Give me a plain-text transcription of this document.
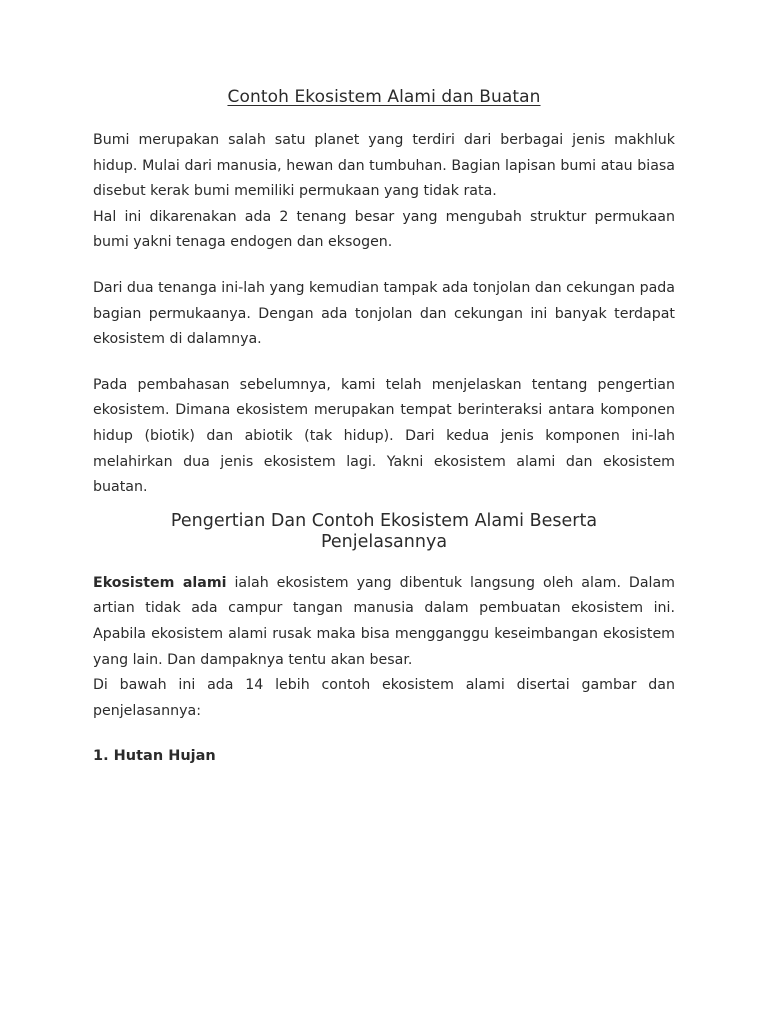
Contoh Ekosistem Alami dan Buatan

Bumi merupakan salah satu planet yang terdiri dari berbagai jenis makhluk hidup. Mulai dari manusia, hewan dan tumbuhan. Bagian lapisan bumi atau biasa disebut kerak bumi memiliki permukaan yang tidak rata.

Hal ini dikarenakan ada 2 tenang besar yang mengubah struktur permukaan bumi yakni tenaga endogen dan eksogen.

Dari dua tenanga ini-lah yang kemudian tampak ada tonjolan dan cekungan pada bagian permukaanya. Dengan ada tonjolan dan cekungan ini banyak terdapat ekosistem di dalamnya.

Pada pembahasan sebelumnya, kami telah menjelaskan tentang pengertian ekosistem. Dimana ekosistem merupakan tempat berinteraksi antara komponen hidup (biotik) dan abiotik (tak hidup). Dari kedua jenis komponen ini-lah melahirkan dua jenis ekosistem lagi. Yakni ekosistem alami dan ekosistem buatan.

Pengertian Dan Contoh Ekosistem Alami Beserta Penjelasannya

Ekosistem alami ialah ekosistem yang dibentuk langsung oleh alam. Dalam artian tidak ada campur tangan manusia dalam pembuatan ekosistem ini. Apabila ekosistem alami rusak maka bisa mengganggu keseimbangan ekosistem yang lain. Dan dampaknya tentu akan besar.

Di bawah ini ada 14 lebih contoh ekosistem alami disertai gambar dan penjelasannya:

1. Hutan Hujan
